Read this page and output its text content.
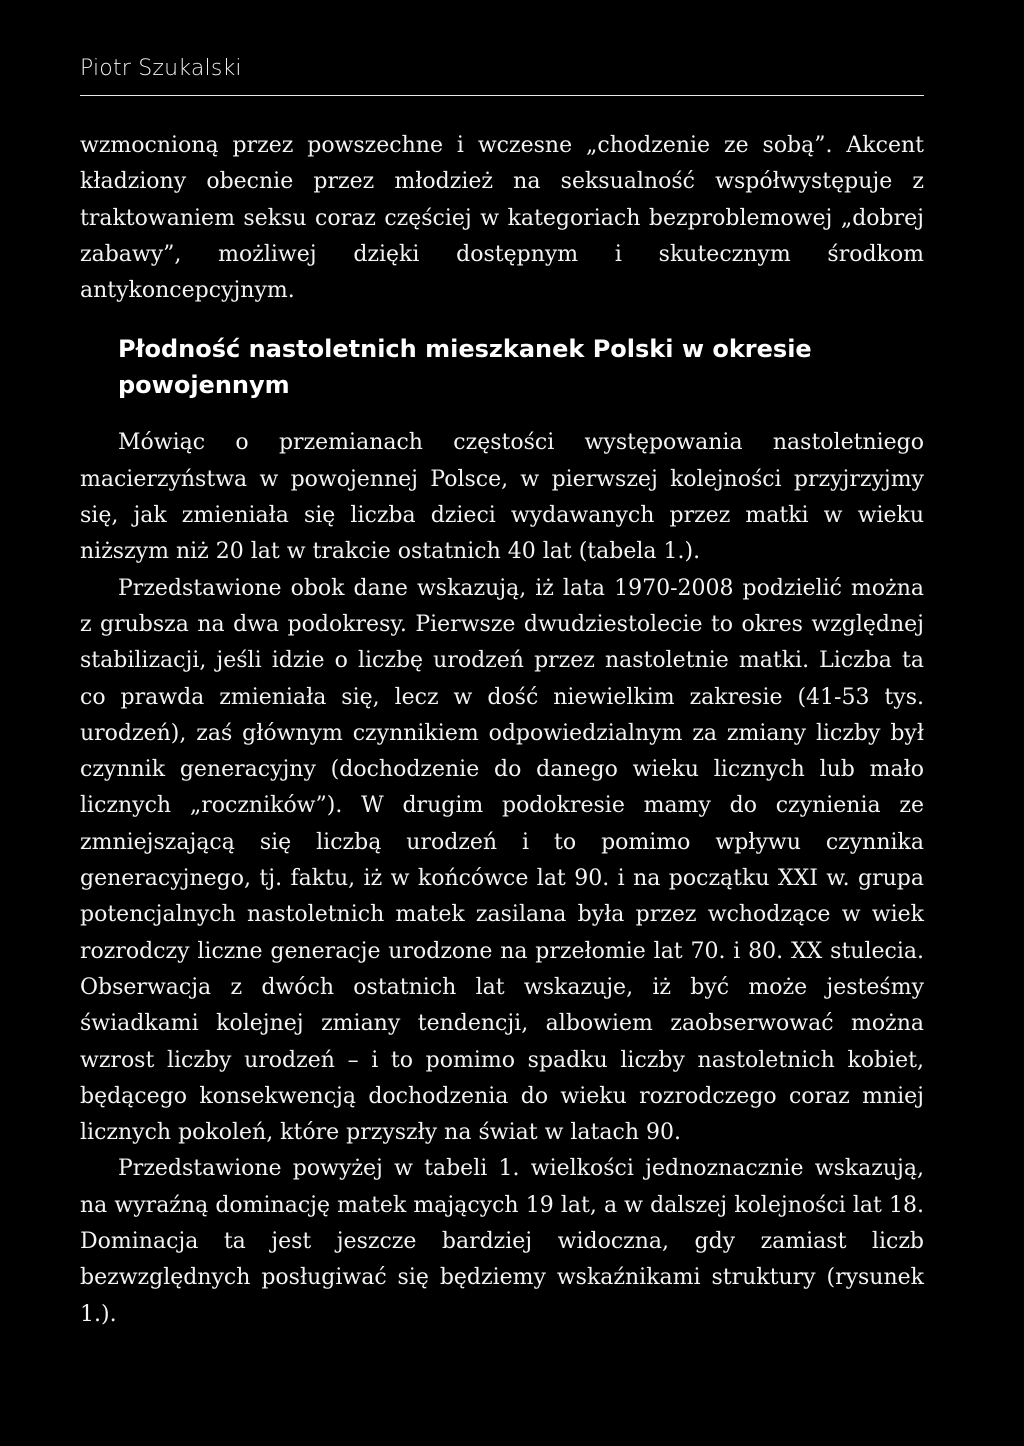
Piotr Szukalski

wzmocnioną przez powszechne i wczesne „chodzenie ze sobą”. Akcent kładziony obecnie przez młodzież na seksualność współwystępuje z traktowaniem seksu coraz częściej w kategoriach bezproblemowej „dobrej zabawy”, możliwej dzięki dostępnym i skutecznym środkom antykoncepcyjnym.

Płodność nastoletnich mieszkanek Polski w okresie powojennym

Mówiąc o przemianach częstości występowania nastoletniego macierzyństwa w powojennej Polsce, w pierwszej kolejności przyjrzyjmy się, jak zmieniała się liczba dzieci wydawanych przez matki w wieku niższym niż 20 lat w trakcie ostatnich 40 lat (tabela 1.).

Przedstawione obok dane wskazują, iż lata 1970-2008 podzielić można z grubsza na dwa podokresy. Pierwsze dwudziestolecie to okres względnej stabilizacji, jeśli idzie o liczbę urodzeń przez nastoletnie matki. Liczba ta co prawda zmieniała się, lecz w dość niewielkim zakresie (41-53 tys. urodzeń), zaś głównym czynnikiem odpowiedzialnym za zmiany liczby był czynnik generacyjny (dochodzenie do danego wieku licznych lub mało licznych „roczników”). W drugim podokresie mamy do czynienia ze zmniejszającą się liczbą urodzeń i to pomimo wpływu czynnika generacyjnego, tj. faktu, iż w końcówce lat 90. i na początku XXI w. grupa potencjalnych nastoletnich matek zasilana była przez wchodzące w wiek rozrodczy liczne generacje urodzone na przełomie lat 70. i 80. XX stulecia. Obserwacja z dwóch ostatnich lat wskazuje, iż być może jesteśmy świadkami kolejnej zmiany tendencji, albowiem zaobserwować można wzrost liczby urodzeń – i to pomimo spadku liczby nastoletnich kobiet, będącego konsekwencją dochodzenia do wieku rozrodczego coraz mniej licznych pokoleń, które przyszły na świat w latach 90.

Przedstawione powyżej w tabeli 1. wielkości jednoznacznie wskazują, na wyraźną dominację matek mających 19 lat, a w dalszej kolejności lat 18. Dominacja ta jest jeszcze bardziej widoczna, gdy zamiast liczb bezwzględnych posługiwać się będziemy wskaźnikami struktury (rysunek 1.).
